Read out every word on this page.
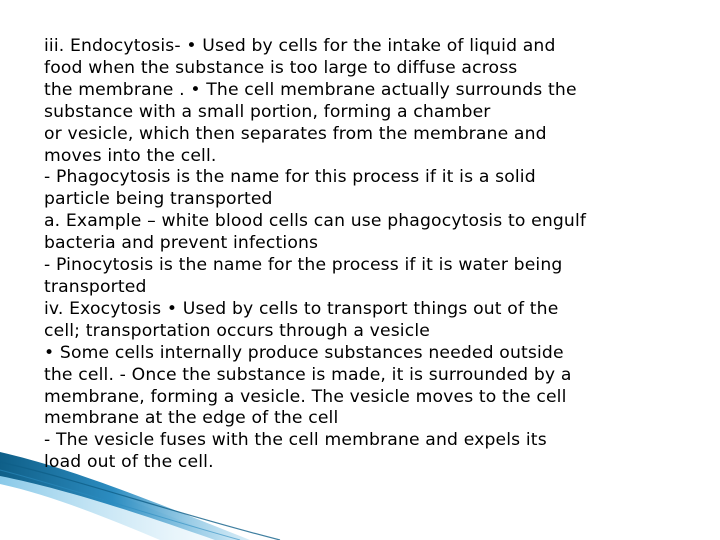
iii. Endocytosis- • Used by cells for the intake of liquid and
food when the substance is too large to diffuse across

the membrane . • The cell membrane actually surrounds the
substance with a small portion, forming a chamber

or vesicle, which then separates from the membrane and
moves into the cell.

- Phagocytosis is the name for this process if it is a solid
particle being transported

a. Example – white blood cells can use phagocytosis to engulf
bacteria and prevent infections

- Pinocytosis is the name for the process if it is water being
transported

iv. Exocytosis • Used by cells to transport things out of the
cell; transportation occurs through a vesicle

• Some cells internally produce substances needed outside
the cell. - Once the substance is made, it is surrounded by a
membrane, forming a vesicle. The vesicle moves to the cell
membrane at the edge of the cell

- The vesicle fuses with the cell membrane and expels its
load out of the cell.
